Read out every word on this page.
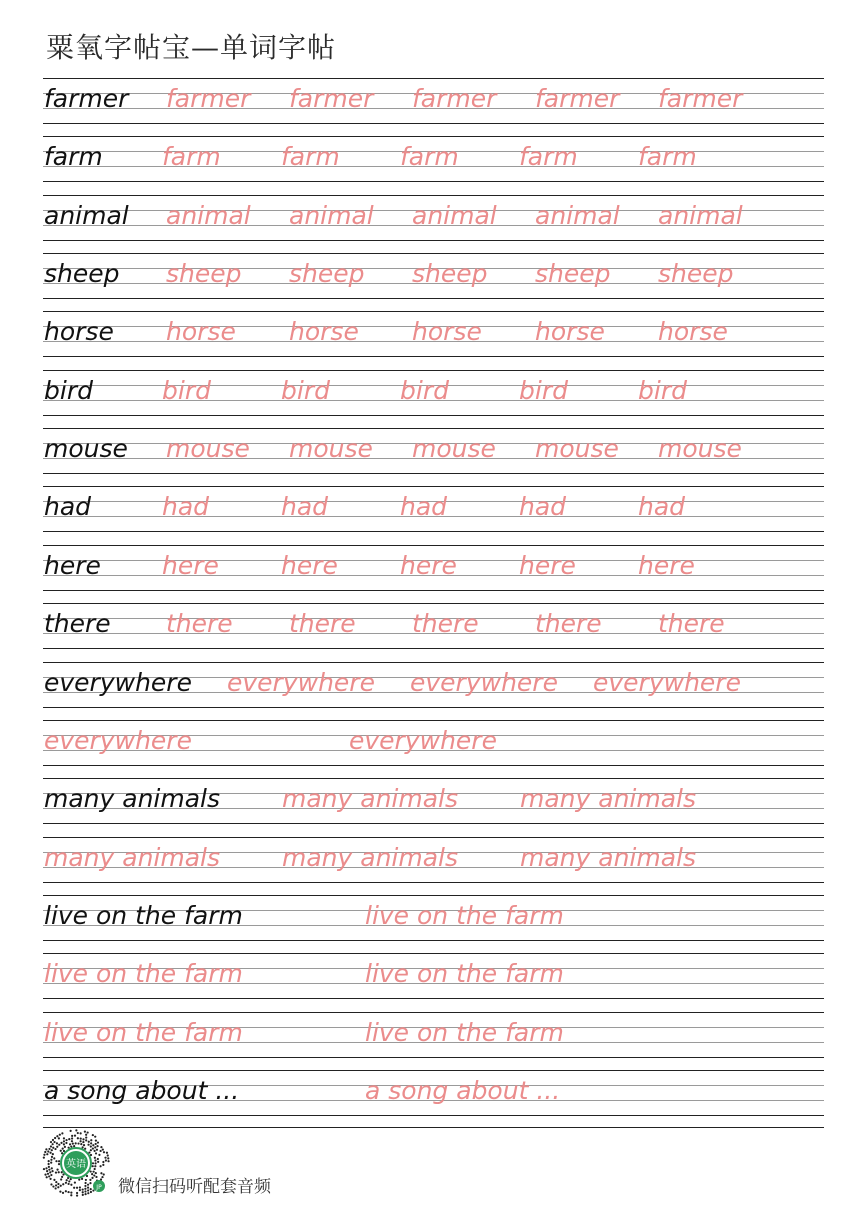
粟氧字帖宝—单词字帖
farmer farmer farmer farmer farmer farmer
farm farm farm farm farm farm
animal animal animal animal animal animal
sheep sheep sheep sheep sheep sheep
horse horse horse horse horse horse
bird	bird	bird	bird	bird	bird
mouse mouse mouse mouse mouse mouse
had	had	had	had	had	had
here here here here here here
there there there there there there
everywhere everywhere everywhere everywhere
everywhere	everywhere
many animals many animals many animals
many animals many animals many animals
live on the farm	live on the farm
live on the farm	live on the farm
live on the farm	live on the farm
a song about ...	a song about ...
英语
JP 微信扫码听配套音频
